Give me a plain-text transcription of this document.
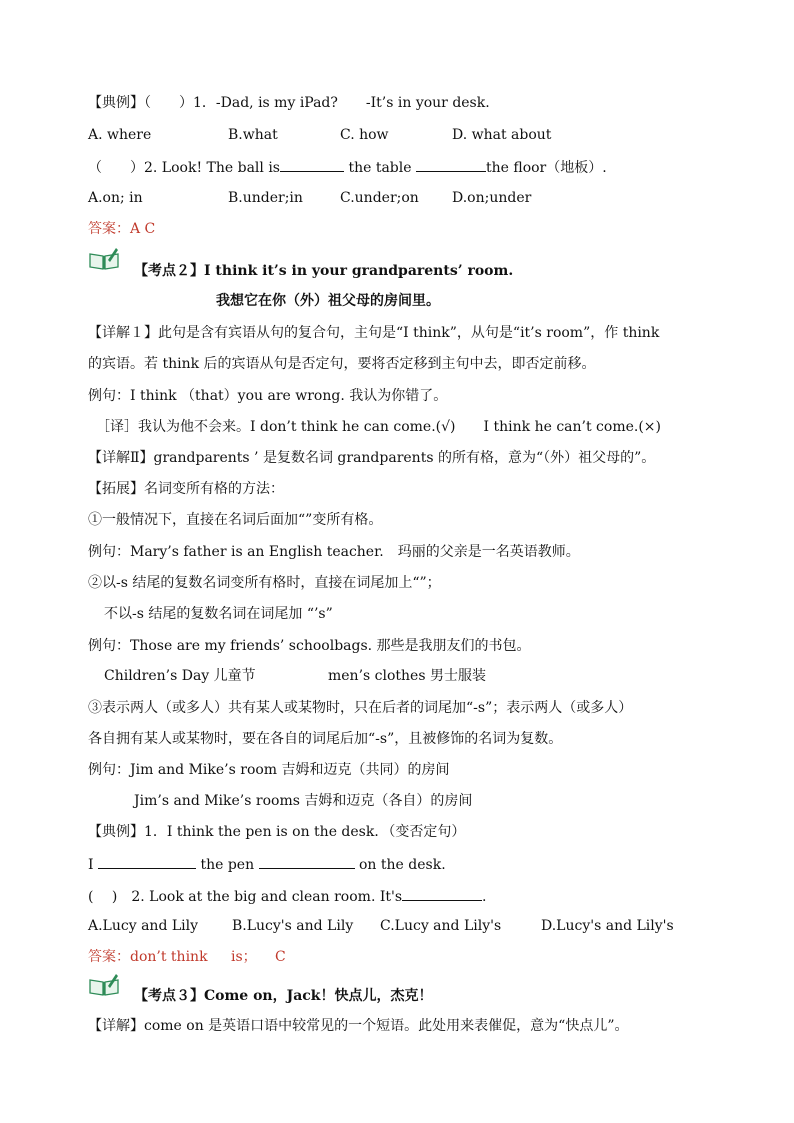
【典例】（　　）1．-Dad, is my iPad?　　-It’s in your desk.
A. where	B.what	C. how	D. what about
（　　）2. Look! The ball is	the table	the floor（地板）.
A.on; in	B.under;in	C.under;on D.on;under
答案：A C
【考点２】I think it’s in your grandparents’ room.
我想它在你（外）祖父母的房间里。
【详解１】此句是含有宾语从句的复合句，主句是“I think”，从句是“it’s room”，作 think
的宾语。若 think 后的宾语从句是否定句，要将否定移到主句中去，即否定前移。
例句：I think （that）you are wrong. 我认为你错了。
［译］我认为他不会来。I don’t think he can come.(√)　　I think he can’t come.(×)
【详解Ⅱ】grandparents ’ 是复数名词 grandparents 的所有格，意为“（外）祖父母的”。
【拓展】名词变所有格的方法：
①一般情况下，直接在名词后面加“”变所有格。
例句：Mary’s father is an English teacher.　玛丽的父亲是一名英语教师。
②以-s 结尾的复数名词变所有格时，直接在词尾加上“”；
不以-s 结尾的复数名词在词尾加 “’s”
例句：Those are my friends’ schoolbags. 那些是我朋友们的书包。
Children’s Day 儿童节	men’s clothes 男士服装
③表示两人（或多人）共有某人或某物时，只在后者的词尾加“-s”；表示两人（或多人）
各自拥有某人或某物时，要在各自的词尾后加“-s”，且被修饰的名词为复数。
例句：Jim and Mike’s room 吉姆和迈克（共同）的房间
Jim’s and Mike’s rooms 吉姆和迈克（各自）的房间
【典例】1．I think the pen is on the desk．（变否定句）
I	the pen	on the desk.
(　 )　2. Look at the big and clean room. It's	.
A.Lucy and Lily B.Lucy's and Lily C.Lucy and Lily's	D.Lucy's and Lily's
答案：don’t think is； C
【考点３】Come on，Jack！快点儿，杰克！
【详解】come on 是英语口语中较常见的一个短语。此处用来表催促，意为“快点儿”。
